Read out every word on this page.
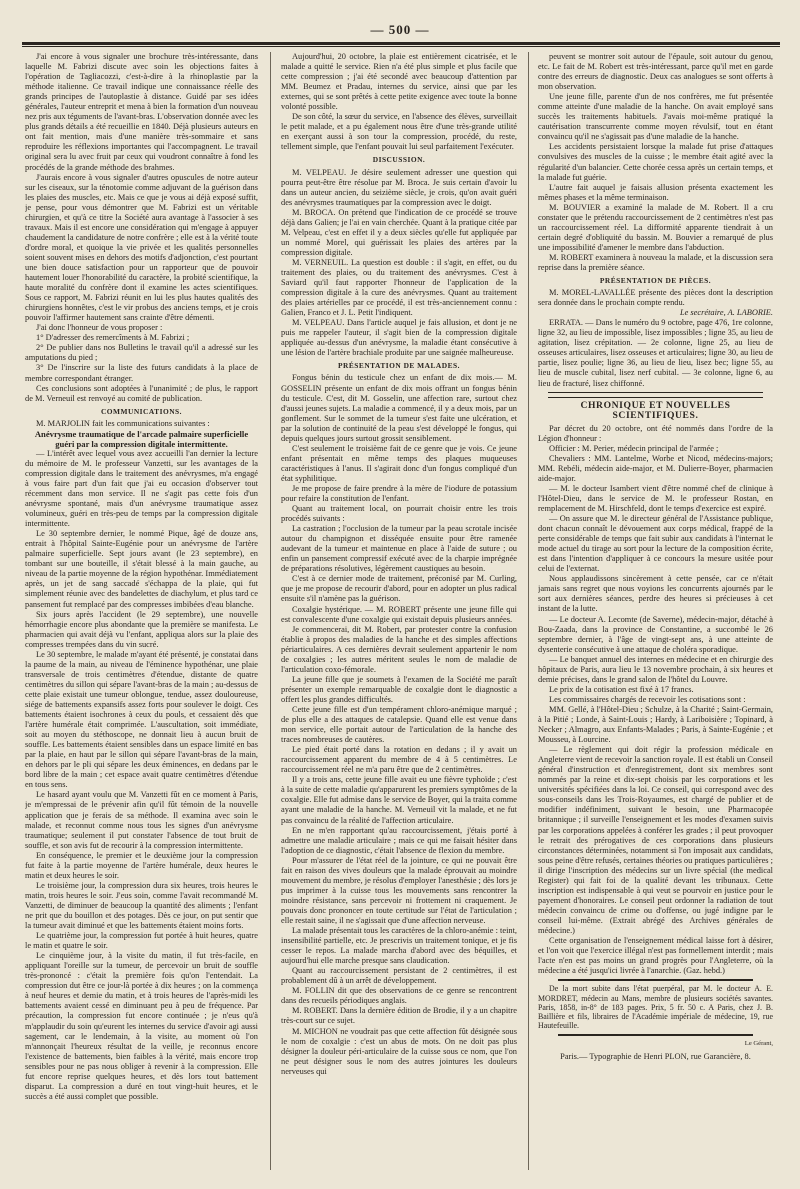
— 500 —

J'ai encore à vous signaler une brochure très-intéressante, dans laquelle M. Fabrizi discute avec soin les objections faites à l'opération de Tagliacozzi, c'est-à-dire à la rhinoplastie par la méthode italienne. Ce travail indique une connaissance réelle des grands principes de l'autoplastie à distance. Guidé par ses idées générales, l'auteur entreprit et mena à bien la formation d'un nouveau nez pris aux téguments de l'avant-bras. L'observation donnée avec les plus grands détails a été recueillie en 1840. Déjà plusieurs auteurs en ont fait mention, mais d'une manière très-sommaire et sans reproduire les réflexions importantes qui l'accompagnent. Le travail original sera lu avec fruit par ceux qui voudront connaître à fond les procédés de la grande méthode des brahmes.

J'aurais encore à vous signaler d'autres opuscules de notre auteur sur les ciseaux, sur la ténotomie comme adjuvant de la guérison dans les plaies des muscles, etc. Mais ce que je vous ai déjà exposé suffit, je pense, pour vous démontrer que M. Fabrizi est un véritable chirurgien, et qu'à ce titre la Société aura avantage à l'associer à ses travaux. Mais il est encore une considération qui m'engage à appuyer chaudement la candidature de notre confrère ; elle est à la vérité toute d'ordre moral, et quoique la vie privée et les qualités personnelles soient souvent mises en dehors des motifs d'adjonction, c'est pourtant une bien douce satisfaction pour un rapporteur que de pouvoir hautement louer l'honorabilité du caractère, la probité scientifique, la haute moralité du confrère dont il examine les actes scientifiques. Sous ce rapport, M. Fabrizi réunit en lui les plus hautes qualités des chirurgiens honnêtes, c'est le vir probus des anciens temps, et je crois pouvoir l'affirmer hautement sans crainte d'être démenti.

J'ai donc l'honneur de vous proposer :

1° D'adresser des remercîments à M. Fabrizi ;

2° De publier dans nos Bulletins le travail qu'il a adressé sur les amputations du pied ;

3° De l'inscrire sur la liste des futurs candidats à la place de membre correspondant étranger.

Ces conclusions sont adoptées à l'unanimité ; de plus, le rapport de M. Verneuil est renvoyé au comité de publication.

COMMUNICATIONS.

M. MARJOLIN fait les communications suivantes :

Anévrysme traumatique de l'arcade palmaire superficielle guéri par la compression digitale intermittente.

— L'intérêt avec lequel vous avez accueilli l'an dernier la lecture du mémoire de M. le professeur Vanzetti, sur les avantages de la compression digitale dans le traitement des anévrysmes, m'a engagé à vous faire part d'un fait que j'ai eu occasion d'observer tout récemment dans mon service. Il ne s'agit pas cette fois d'un anévrysme spontané, mais d'un anévrysme traumatique assez volumineux, guéri en très-peu de temps par la compression digitale intermittente.

Le 30 septembre dernier, le nommé Pique, âgé de douze ans, entrait à l'hôpital Sainte-Eugénie pour un anévrysme de l'artère palmaire superficielle. Sept jours avant (le 23 septembre), en tombant sur une bouteille, il s'était blessé à la main gauche, au niveau de la partie moyenne de la région hypothénar. Immédiatement après, un jet de sang saccadé s'échappa de la plaie, qui fut simplement réunie avec des bandelettes de diachylum, et plus tard ce pansement fut remplacé par des compresses imbibées d'eau blanche.

Six jours après l'accident (le 29 septembre), une nouvelle hémorrhagie encore plus abondante que la première se manifesta. Le pharmacien qui avait déjà vu l'enfant, appliqua alors sur la plaie des compresses trempées dans du vin sucré.

Le 30 septembre, le malade m'ayant été présenté, je constatai dans la paume de la main, au niveau de l'éminence hypothénar, une plaie transversale de trois centimètres d'étendue, distante de quatre centimètres du sillon qui sépare l'avant-bras de la main ; au-dessus de cette plaie existait une tumeur oblongue, tendue, assez douloureuse, siége de battements expansifs assez forts pour soulever le doigt. Ces battements étaient isochrones à ceux du pouls, et cessaient dès que l'artère humérale était comprimée. L'auscultation, soit immédiate, soit au moyen du stéthoscope, ne donnait lieu à aucun bruit de souffle. Les battements étaient sensibles dans un espace limité en bas par la plaie, en haut par le sillon qui sépare l'avant-bras de la main, en dehors par le pli qui sépare les deux éminences, en dedans par le bord libre de la main ; cet espace avait quatre centimètres d'étendue en tous sens.

Le hasard ayant voulu que M. Vanzetti fût en ce moment à Paris, je m'empressai de le prévenir afin qu'il fût témoin de la nouvelle application que je ferais de sa méthode. Il examina avec soin le malade, et reconnut comme nous tous les signes d'un anévrysme traumatique; seulement il put constater l'absence de tout bruit de souffle, et son avis fut de recourir à la compression intermittente.

En conséquence, le premier et le deuxième jour la compression fut faite à la partie moyenne de l'artère humérale, deux heures le matin et deux heures le soir.

Le troisième jour, la compression dura six heures, trois heures le matin, trois heures le soir. J'eus soin, comme l'avait recommandé M. Vanzetti, de diminuer de beaucoup la quantité des aliments ; l'enfant ne prit que du bouillon et des potages. Dès ce jour, on put sentir que la tumeur avait diminué et que les battements étaient moins forts.

Le quatrième jour, la compression fut portée à huit heures, quatre le matin et quatre le soir.

Le cinquième jour, à la visite du matin, il fut très-facile, en appliquant l'oreille sur la tumeur, de percevoir un bruit de souffle très-prononcé : c'était la première fois qu'on l'entendait. La compression dut être ce jour-là portée à dix heures ; on la commença à neuf heures et demie du matin, et à trois heures de l'après-midi les battements avaient cessé en diminuant peu à peu de fréquence. Par précaution, la compression fut encore continuée ; je n'eus qu'à m'applaudir du soin qu'eurent les internes du service d'avoir agi aussi sagement, car le lendemain, à la visite, au moment où l'on m'annonçait l'heureux résultat de la veille, je reconnus encore l'existence de battements, bien faibles à la vérité, mais encore trop sensibles pour ne pas nous obliger à revenir à la compression. Elle fut encore reprise quelques heures, et dès lors tout battement disparut. La compression a duré en tout vingt-huit heures, et le succès a été aussi complet que possible.

Aujourd'hui, 20 octobre, la plaie est entièrement cicatrisée, et le malade a quitté le service. Rien n'a été plus simple et plus facile que cette compression ; j'ai été secondé avec beaucoup d'attention par MM. Beumez et Pradau, internes du service, ainsi que par les externes, qui se sont prêtés à cette petite exigence avec toute la bonne volonté possible.

De son côté, la sœur du service, en l'absence des élèves, surveillait le petit malade, et a pu également nous être d'une très-grande utilité en exerçant aussi à son tour la compression, procédé, du reste, tellement simple, que l'enfant pouvait lui seul parfaitement l'exécuter.

DISCUSSION.

M. VELPEAU. Je désire seulement adresser une question qui pourra peut-être être résolue par M. Broca. Je suis certain d'avoir lu dans un auteur ancien, du seizième siècle, je crois, qu'on avait guéri des anévrysmes traumatiques par la compression avec le doigt.

M. BROCA. On prétend que l'indication de ce procédé se trouve déjà dans Galien; je l'ai en vain cherchée. Quant à la pratique citée par M. Velpeau, c'est en effet il y a deux siècles qu'elle fut appliquée par un nommé Morel, qui guérissait les plaies des artères par la compression digitale.

M. VERNEUIL. La question est double : il s'agit, en effet, ou du traitement des plaies, ou du traitement des anévrysmes. C'est à Saviard qu'il faut rapporter l'honneur de l'application de la compression digitale à la cure des anévrysmes. Quant au traitement des plaies artérielles par ce procédé, il est très-anciennement connu : Galien, Franco et J. L. Petit l'indiquent.

M. VELPEAU. Dans l'article auquel je fais allusion, et dont je ne puis me rappeler l'auteur, il s'agit bien de la compression digitale appliquée au-dessus d'un anévrysme, la maladie étant consécutive à une lésion de l'artère brachiale produite par une saignée malheureuse.

PRÉSENTATION DE MALADES.

Fongus bénin du testicule chez un enfant de dix mois.— M. GOSSELIN présente un enfant de dix mois offrant un fongus bénin du testicule. C'est, dit M. Gosselin, une affection rare, surtout chez d'aussi jeunes sujets. La maladie a commencé, il y a deux mois, par un gonflement. Sur le sommet de la tumeur s'est faite une ulcération, et par la solution de continuité de la peau s'est développé le fongus, qui depuis quelques jours surtout grossit sensiblement.

C'est seulement le troisième fait de ce genre que je vois. Ce jeune enfant présentait en même temps des plaques muqueuses caractéristiques à l'anus. Il s'agirait donc d'un fongus compliqué d'un état syphilitique.

Je me propose de faire prendre à la mère de l'iodure de potassium pour refaire la constitution de l'enfant.

Quant au traitement local, on pourrait choisir entre les trois procédés suivants :

La castration ; l'occlusion de la tumeur par la peau scrotale incisée autour du champignon et disséquée ensuite pour être ramenée audevant de la tumeur et maintenue en place à l'aide de suture ; ou enfin un pansement compressif exécuté avec de la charpie imprégnée de préparations résolutives, légèrement caustiques au besoin.

C'est à ce dernier mode de traitement, préconisé par M. Curling, que je me propose de recourir d'abord, pour en adopter un plus radical ensuite s'il n'amène pas la guérison.

Coxalgie hystérique. — M. ROBERT présente une jeune fille qui est convalescente d'une coxalgie qui existait depuis plusieurs années.

Je commencerai, dit M. Robert, par protester contre la confusion établie à propos des maladies de la hanche et des simples affections périarticulaires. A ces dernières devrait seulement appartenir le nom de coxalgies ; les autres méritent seules le nom de maladie de l'articulation coxo-fémorale.

La jeune fille que je soumets à l'examen de la Société me paraît présenter un exemple remarquable de coxalgie dont le diagnostic a offert les plus grandes difficultés.

Cette jeune fille est d'un tempérament chloro-anémique marqué ; de plus elle a des attaques de catalepsie. Quand elle est venue dans mon service, elle portait autour de l'articulation de la hanche des traces nombreuses de cautères.

Le pied était porté dans la rotation en dedans ; il y avait un raccourcissement apparent du membre de 4 à 5 centimètres. Le raccourcissement réel ne m'a paru être que de 2 centimètres.

Il y a trois ans, cette jeune fille avait eu une fièvre typhoïde ; c'est à la suite de cette maladie qu'apparurent les premiers symptômes de la coxalgie. Elle fut admise dans le service de Boyer, qui la traita comme ayant une maladie de la hanche. M. Verneuil vit la malade, et ne fut pas convaincu de la réalité de l'affection articulaire.

En ne m'en rapportant qu'au raccourcissement, j'étais porté à admettre une maladie articulaire ; mais ce qui me faisait hésiter dans l'adoption de ce diagnostic, c'était l'absence de flexion du membre.

Pour m'assurer de l'état réel de la jointure, ce qui ne pouvait être fait en raison des vives douleurs que la malade éprouvait au moindre mouvement du membre, je résolus d'employer l'anesthésie ; dès lors je pus imprimer à la cuisse tous les mouvements sans rencontrer la moindre résistance, sans percevoir ni frottement ni craquement. Je pouvais donc prononcer en toute certitude sur l'état de l'articulation ; elle restait saine, il ne s'agissait que d'une affection nerveuse.

La malade présentait tous les caractères de la chloro-anémie : teint, insensibilité partielle, etc. Je prescrivis un traitement tonique, et je fis cesser le repos. La malade marcha d'abord avec des béquilles, et aujourd'hui elle marche presque sans claudication.

Quant au raccourcissement persistant de 2 centimètres, il est probablement dû à un arrêt de développement.

M. FOLLIN dit que des observations de ce genre se rencontrent dans des recueils périodiques anglais.

M. ROBERT. Dans la dernière édition de Brodie, il y a un chapitre très-court sur ce sujet.

M. MICHON ne voudrait pas que cette affection fût désignée sous le nom de coxalgie : c'est un abus de mots. On ne doit pas plus désigner la douleur péri-articulaire de la cuisse sous ce nom, que l'on ne peut désigner sous le nom des autres jointures les douleurs nerveuses qui

peuvent se montrer soit autour de l'épaule, soit autour du genou, etc. Le fait de M. Robert est très-intéressant, parce qu'il met en garde contre des erreurs de diagnostic. Deux cas analogues se sont offerts à mon observation.

Une jeune fille, parente d'un de nos confrères, me fut présentée comme atteinte d'une maladie de la hanche. On avait employé sans succès les traitements habituels. J'avais moi-même pratiqué la cautérisation transcurrente comme moyen révulsif, tout en étant convaincu qu'il ne s'agissait pas d'une maladie de la hanche.

Les accidents persistaient lorsque la malade fut prise d'attaques convulsives des muscles de la cuisse ; le membre était agité avec la régularité d'un balancier. Cette chorée cessa après un certain temps, et la malade fut guérie.

L'autre fait auquel je faisais allusion présenta exactement les mêmes phases et la même terminaison.

M. BOUVIER a examiné la malade de M. Robert. Il a cru constater que le prétendu raccourcissement de 2 centimètres n'est pas un raccourcissement réel. La difformité apparente tiendrait à un certain degré d'obliquité du bassin. M. Bouvier a remarqué de plus une impossibilité d'amener le membre dans l'abduction.

M. ROBERT examinera à nouveau la malade, et la discussion sera reprise dans la première séance.

PRÉSENTATION DE PIÈCES.

M. MOREL-LAVALLÉE présente des pièces dont la description sera donnée dans le prochain compte rendu.

Le secrétaire, A. LABORIE.

ERRATA. — Dans le numéro du 9 octobre, page 476, 1re colonne, ligne 32, au lieu de impossible, lisez impossibles ; ligne 35, au lieu de agitation, lisez crépitation. — 2e colonne, ligne 25, au lieu de osseuses articulaires, lisez osseuses et articulaires; ligne 30, au lieu de partie, lisez poulie; ligne 36, au lieu de lieu, lisez bec; ligne 55, au lieu de muscle cubital, lisez nerf cubital. — 3e colonne, ligne 6, au lieu de fracturé, lisez chiffonné.

CHRONIQUE ET NOUVELLES SCIENTIFIQUES.

Par décret du 20 octobre, ont été nommés dans l'ordre de la Légion d'honneur :

Officier : M. Perier, médecin principal de l'armée ;

Chevaliers : MM. Lantelme, Worbe et Nicod, médecins-majors; MM. Rebéli, médecin aide-major, et M. Dulierre-Boyer, pharmacien aide-major.

— M. le docteur Isambert vient d'être nommé chef de clinique à l'Hôtel-Dieu, dans le service de M. le professeur Rostan, en remplacement de M. Hirschfeld, dont le temps d'exercice est expiré.

— On assure que M. le directeur général de l'Assistance publique, dont chacun connaît le dévouement aux corps médical, frappé de la perte considérable de temps que fait subir aux candidats à l'internat le mode actuel du tirage au sort pour la lecture de la composition écrite, est dans l'intention d'appliquer à ce concours la mesure usitée pour celui de l'externat.

Nous applaudissons sincèrement à cette pensée, car ce n'était jamais sans regret que nous voyions les concurrents ajournés par le sort aux dernières séances, perdre des heures si précieuses à cet instant de la lutte.

— Le docteur A. Lecomte (de Saverne), médecin-major, détaché à Bou-Zaada, dans la province de Constantine, a succombé le 26 septembre dernier, à l'âge de vingt-sept ans, à une atteinte de dysenterie consécutive à une attaque de choléra sporadique.

— Le banquet annuel des internes en médecine et en chirurgie des hôpitaux de Paris, aura lieu le 13 novembre prochain, à six heures et demie précises, dans le grand salon de l'hôtel du Louvre.

Le prix de la cotisation est fixé à 17 francs.

Les commissaires chargés de recevoir les cotisations sont :

MM. Gellé, à l'Hôtel-Dieu ; Schulze, à la Charité ; Saint-Germain, à la Pitié ; Londe, à Saint-Louis ; Hardy, à Lariboisière ; Topinard, à Necker ; Almagro, aux Enfants-Malades ; Paris, à Sainte-Eugénie ; et Mousseu, à Lourcine.

— Le règlement qui doit régir la profession médicale en Angleterre vient de recevoir la sanction royale. Il est établi un Conseil général d'instruction et d'enregistrement, dont six membres sont nommés par la reine et dix-sept choisis par les corporations et les universités spécifiées dans la loi. Ce conseil, qui correspond avec des sous-conseils dans les Trois-Royaumes, est chargé de publier et de modifier indéfiniment, suivant le besoin, une Pharmacopée britannique ; il surveille l'enseignement et les modes d'examen suivis par les corporations appelées à conférer les grades ; il peut provoquer le retrait des prérogatives de ces corporations dans plusieurs circonstances déterminées, notamment si l'on imposait aux candidats, sous peine d'être refusés, certaines théories ou pratiques particulières ; il dirige l'inscription des médecins sur un livre spécial (the medical Register) qui fait foi de la qualité devant les tribunaux. Cette inscription est indispensable à qui veut se pourvoir en justice pour le payement d'honoraires. Le conseil peut ordonner la radiation de tout médecin convaincu de crime ou d'offense, ou jugé indigne par le conseil lui-même. (Extrait abrégé des Archives générales de médecine.)

Cette organisation de l'enseignement médical laisse fort à désirer, et l'on voit que l'exercice illégal n'est pas formellement interdit ; mais l'acte n'en est pas moins un grand progrès pour l'Angleterre, où la médecine a été jusqu'ici livrée à l'anarchie. (Gaz. hebd.)

De la mort subite dans l'état puerpéral, par M. le docteur A. E. MORDRET, médecin au Mans, membre de plusieurs sociétés savantes. Paris, 1858, in-8° de 183 pages. Prix, 5 fr. 50 c. A Paris, chez J. B. Baillière et fils, libraires de l'Académie impériale de médecine, 19, rue Hautefeuille.

Le Gérant,

Paris.— Typographie de Henri PLON, rue Garancière, 8.
